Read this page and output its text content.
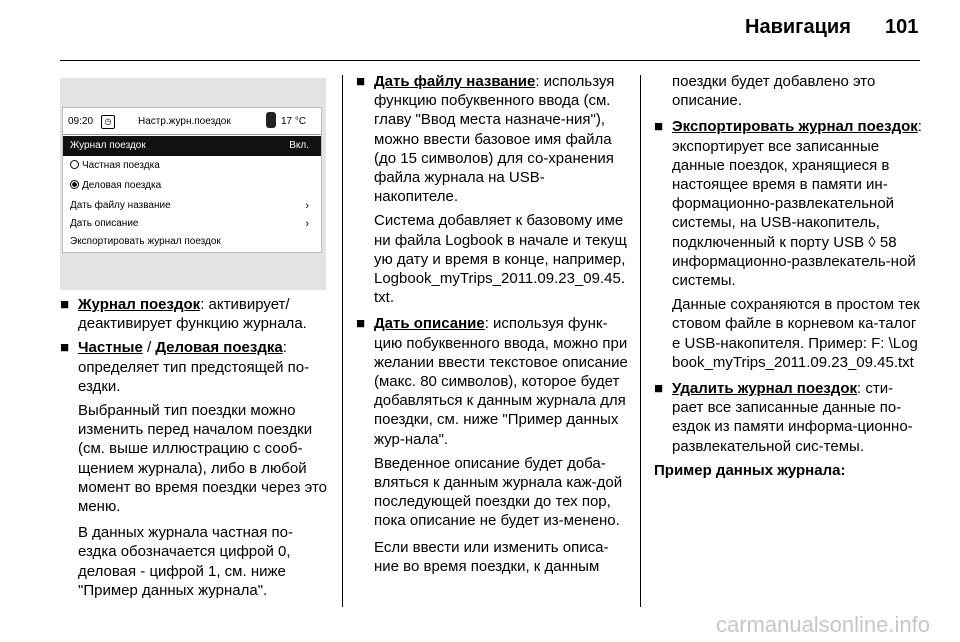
Навигация 101
09:20	◷	Настр.журн.поездок	17 °C
Журнал поездок	Вкл.
Частная поездка
Деловая поездка
Дать файлу название	›
Дать описание	›
Экспортировать журнал поездок
■ Журнал поездок: активирует/ деактивирует функцию журнала.
■ Частные / Деловая поездка: определяет тип предстоящей по-ездки.

Выбранный тип поездки можно изменить перед началом поездки (см. выше иллюстрацию с сооб-щением журнала), либо в любой момент во время поездки через это меню.

В данных журнала частная по-ездка обозначается цифрой 0, деловая - цифрой 1, см. ниже "Пример данных журнала".

■ Дать файлу название: используя функцию побуквенного ввода (см. главу "Ввод места назначе-ния"), можно ввести базовое имя файла (до 15 символов) для со-хранения файла журнала на USB-накопителе.

Система добавляет к базовому имени файла Logbook в начале и текущую дату и время в конце, например, Logbook_myTrips_2011.09.23_09.45.txt.

■ Дать описание: используя функ-цию побуквенного ввода, можно при желании ввести текстовое описание (макс. 80 символов), которое будет добавляться к данным журнала для поездки, см. ниже "Пример данных жур-нала".

Введенное описание будет доба-вляться к данным журнала каж-дой последующей поездки до тех пор, пока описание не будет из-менено.

Если ввести или изменить описа-ние во время поездки, к данным

поездки будет добавлено это описание.

■ Экспортировать журнал поездок: экспортирует все записанные данные поездок, хранящиеся в настоящее время в памяти ин-формационно-развлекательной системы, на USB-накопитель, подключенный к порту USB ◊ 58 информационно-развлекатель-ной системы.

Данные сохраняются в простом текстовом файле в корневом ка-талоге USB-накопителя. Пример: F: \Logbook_myTrips_2011.09.23_09.45.txt

■ Удалить журнал поездок: сти-рает все записанные данные по-ездок из памяти информа-ционно-развлекательной сис-темы.

Пример данных журнала:

carmanualsonline.info
